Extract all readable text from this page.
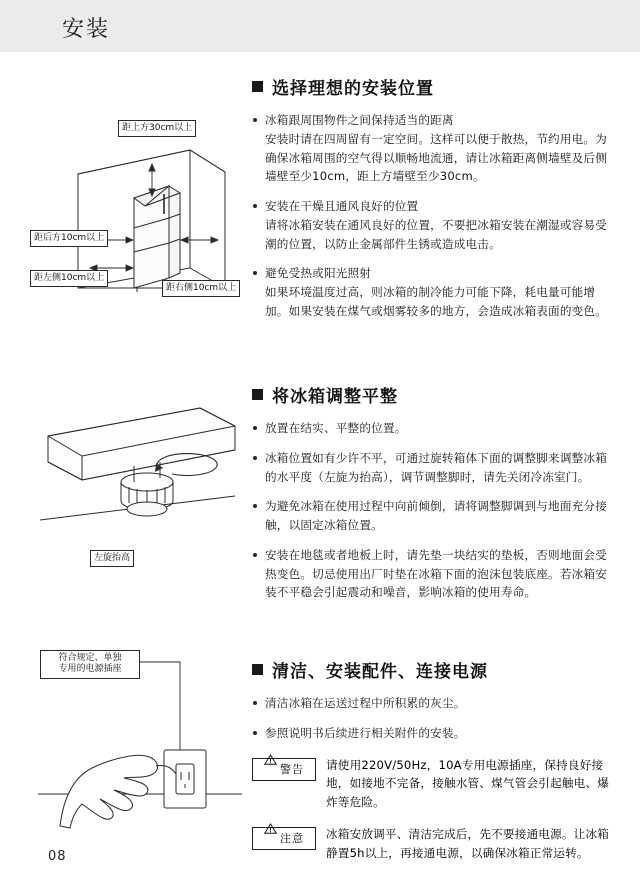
安装
距上方30cm以上
距后方10cm以上
距左侧10cm以上
距右侧10cm以上
左旋抬高
符合规定、单独
专用的电源插座
选择理想的安装位置
冰箱跟周围物件之间保持适当的距离
安装时请在四周留有一定空间。这样可以便于散热，节约用电。为确保冰箱周围的空气得以顺畅地流通，请让冰箱距离侧墙壁及后侧墙壁至少10cm，距上方墙壁至少30cm。
安装在干燥且通风良好的位置
请将冰箱安装在通风良好的位置，不要把冰箱安装在潮湿或容易受潮的位置，以防止金属部件生锈或造成电击。
避免受热或阳光照射
如果环境温度过高，则冰箱的制冷能力可能下降，耗电量可能增加。如果安装在煤气或烟雾较多的地方，会造成冰箱表面的变色。
将冰箱调整平整
放置在结实、平整的位置。
冰箱位置如有少许不平，可通过旋转箱体下面的调整脚来调整冰箱的水平度（左旋为抬高），调节调整脚时，请先关闭冷冻室门。
为避免冰箱在使用过程中向前倾倒，请将调整脚调到与地面充分接触，以固定冰箱位置。
安装在地毯或者地板上时，请先垫一块结实的垫板，否则地面会受热变色。切忌使用出厂时垫在冰箱下面的泡沫包装底座。若冰箱安装不平稳会引起震动和噪音，影响冰箱的使用寿命。
清洁、安装配件、连接电源
清洁冰箱在运送过程中所积累的灰尘。
参照说明书后续进行相关附件的安装。
警告 请使用220V/50Hz，10A专用电源插座，保持良好接地，如接地不完备，接触水管、煤气管会引起触电、爆炸等危险。
注意 冰箱安放调平、清洁完成后，先不要接通电源。让冰箱静置5h以上，再接通电源，以确保冰箱正常运转。
08
